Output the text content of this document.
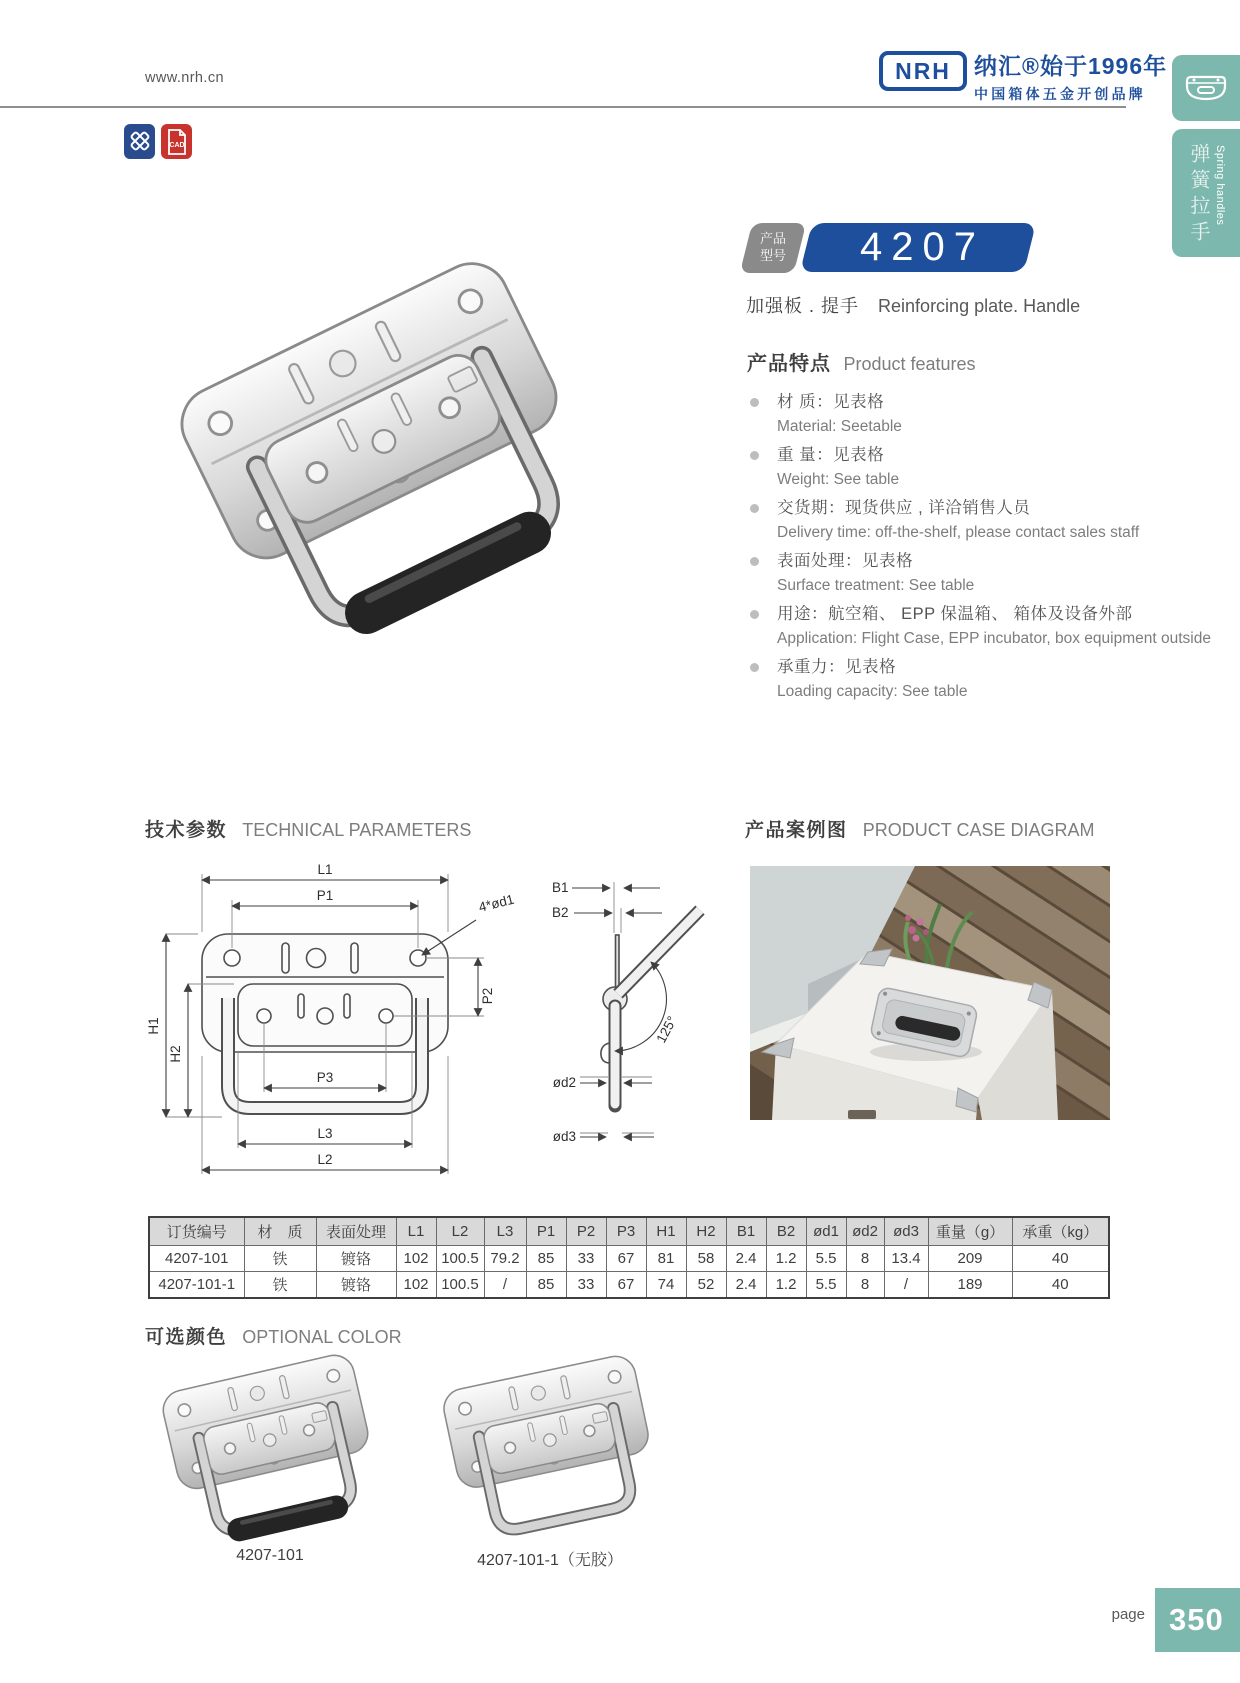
www.nrh.cn
CAD
NRH 纳汇®始于1996年
中国箱体五金开创品牌
弹簧拉手 Spring handles
产品
型号 4207
加强板 . 提手 Reinforcing plate. Handle
产品特点 Product features
材 质：见表格
Material: Seetable
重 量：见表格
Weight: See table
交货期：现货供应 , 详洽销售人员
Delivery time: off-the-shelf, please contact sales staff
表面处理：见表格
Surface treatment: See table
用途：航空箱、 EPP 保温箱、 箱体及设备外部
Application: Flight Case, EPP incubator, box equipment outside
承重力：见表格
Loading capacity: See table
技术参数 TECHNICAL PARAMETERS	产品案例图 PRODUCT CASE DIAGRAM
L1
P1	4*ød1
P2
H1
H2
P3
L3
L2
B1
B2
125°
ød2
ød3
订货编号	材　质	表面处理	L1	L2	L3	P1	P2	P3	H1	H2	B1	B2	ød1	ød2	ød3	重量（g）	承重（kg）
4207-101	铁	镀铬	102	100.5	79.2	85	33	67	81	58	2.4	1.2	5.5	8	13.4	209	40
4207-101-1	铁	镀铬	102	100.5	/	85	33	67	74	52	2.4	1.2	5.5	8	/	189	40
可选颜色 OPTIONAL COLOR
4207-101	4207-101-1（无胶）
page 350
